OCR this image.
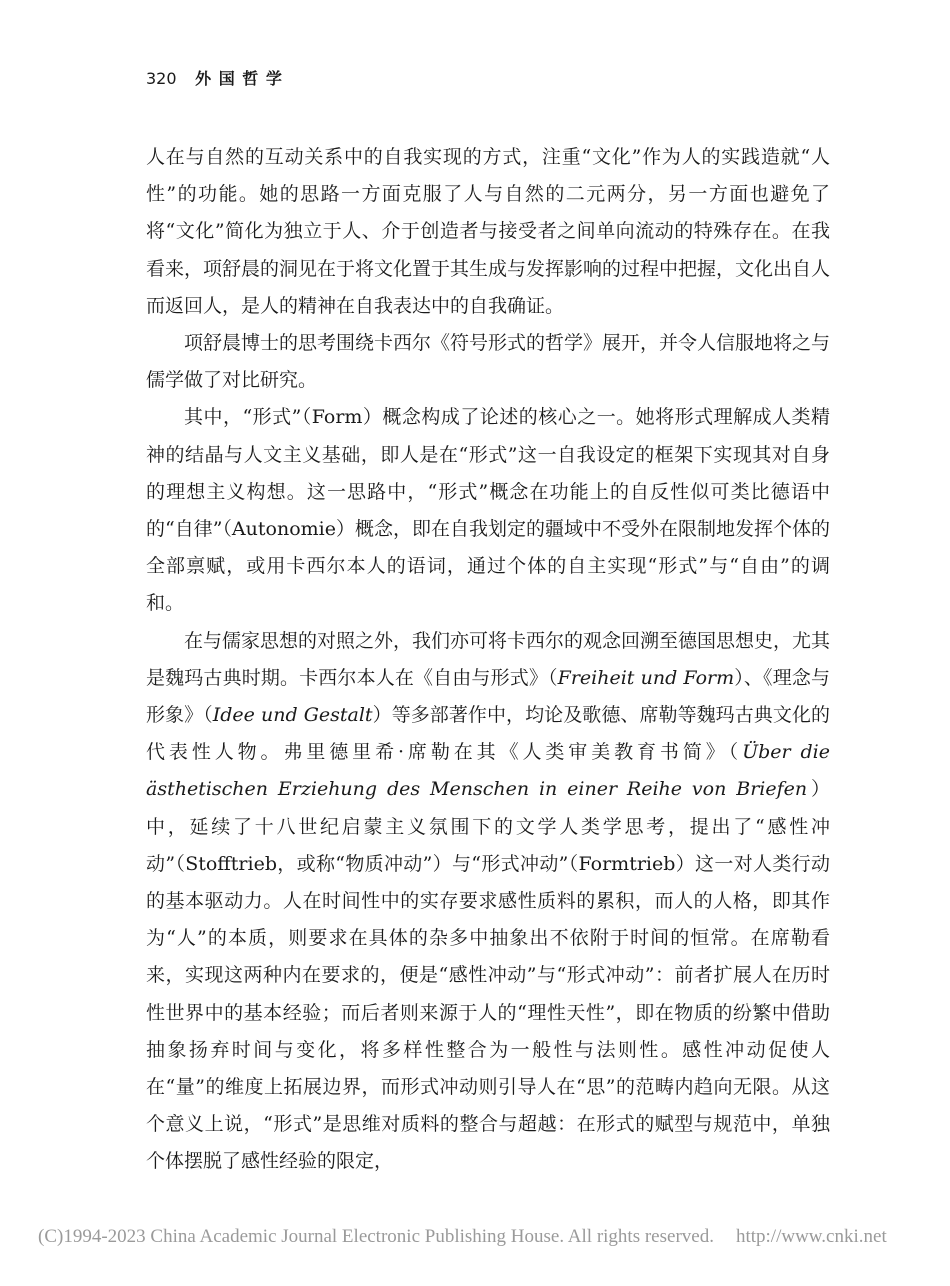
320 外 国 哲 学

人在与自然的互动关系中的自我实现的方式，注重“文化”作为人的实践造就“人性”的功能。她的思路一方面克服了人与自然的二元两分，另一方面也避免了将“文化”简化为独立于人、介于创造者与接受者之间单向流动的特殊存在。在我看来，项舒晨的洞见在于将文化置于其生成与发挥影响的过程中把握，文化出自人而返回人，是人的精神在自我表达中的自我确证。

项舒晨博士的思考围绕卡西尔《符号形式的哲学》展开，并令人信服地将之与儒学做了对比研究。

其中，“形式”（Form）概念构成了论述的核心之一。她将形式理解成人类精神的结晶与人文主义基础，即人是在“形式”这一自我设定的框架下实现其对自身的理想主义构想。这一思路中，“形式”概念在功能上的自反性似可类比德语中的“自律”（Autonomie）概念，即在自我划定的疆域中不受外在限制地发挥个体的全部禀赋，或用卡西尔本人的语词，通过个体的自主实现“形式”与“自由”的调和。

在与儒家思想的对照之外，我们亦可将卡西尔的观念回溯至德国思想史，尤其是魏玛古典时期。卡西尔本人在《自由与形式》（Freiheit und Form）、《理念与形象》（Idee und Gestalt）等多部著作中，均论及歌德、席勒等魏玛古典文化的代表性人物。弗里德里希·席勒在其《人类审美教育书简》（Über die ästhetischen Erziehung des Menschen in einer Reihe von Briefen）中，延续了十八世纪启蒙主义氛围下的文学人类学思考，提出了“感性冲动”（Stofftrieb，或称“物质冲动”）与“形式冲动”（Formtrieb）这一对人类行动的基本驱动力。人在时间性中的实存要求感性质料的累积，而人的人格，即其作为“人”的本质，则要求在具体的杂多中抽象出不依附于时间的恒常。在席勒看来，实现这两种内在要求的，便是“感性冲动”与“形式冲动”：前者扩展人在历时性世界中的基本经验；而后者则来源于人的“理性天性”，即在物质的纷繁中借助抽象扬弃时间与变化，将多样性整合为一般性与法则性。感性冲动促使人在“量”的维度上拓展边界，而形式冲动则引导人在“思”的范畴内趋向无限。从这个意义上说，“形式”是思维对质料的整合与超越：在形式的赋型与规范中，单独个体摆脱了感性经验的限定，

(C)1994-2023 China Academic Journal Electronic Publishing House. All rights reserved. http://www.cnki.net
